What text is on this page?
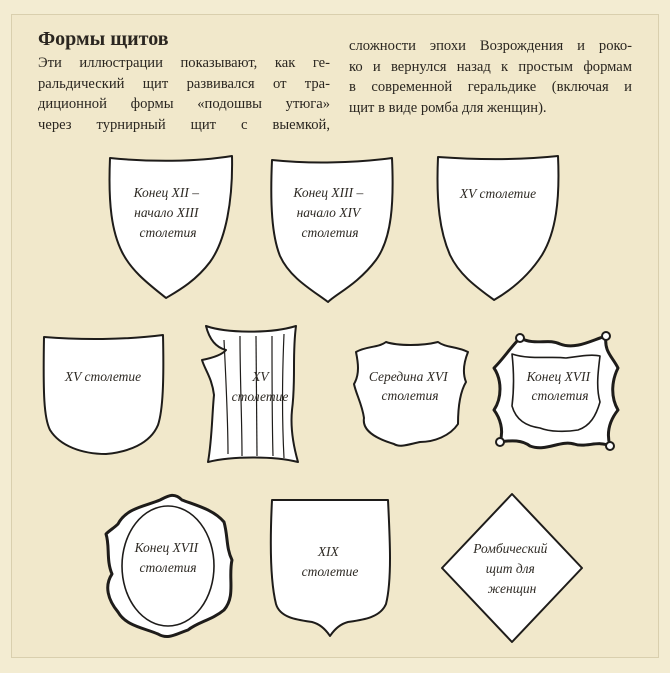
Формы щитов
Эти иллюстрации показывают, как ге-
ральдический щит развивался от тра-
диционной формы «подошвы утюга»
через турнирный щит с выемкой,
сложности эпохи Возрождения и роко-
ко и вернулся назад к простым формам
в современной геральдике (включая и
щит в виде ромба для женщин).
Конец XII – начало XIII столетия
Конец XIII – начало XIV столетия
XV столетие
XV столетие	XV столетие
Середина XVI столетия
Конец XVII столетия
Конец XVII столетия
XIX столетие
Ромбический щит для женщин
